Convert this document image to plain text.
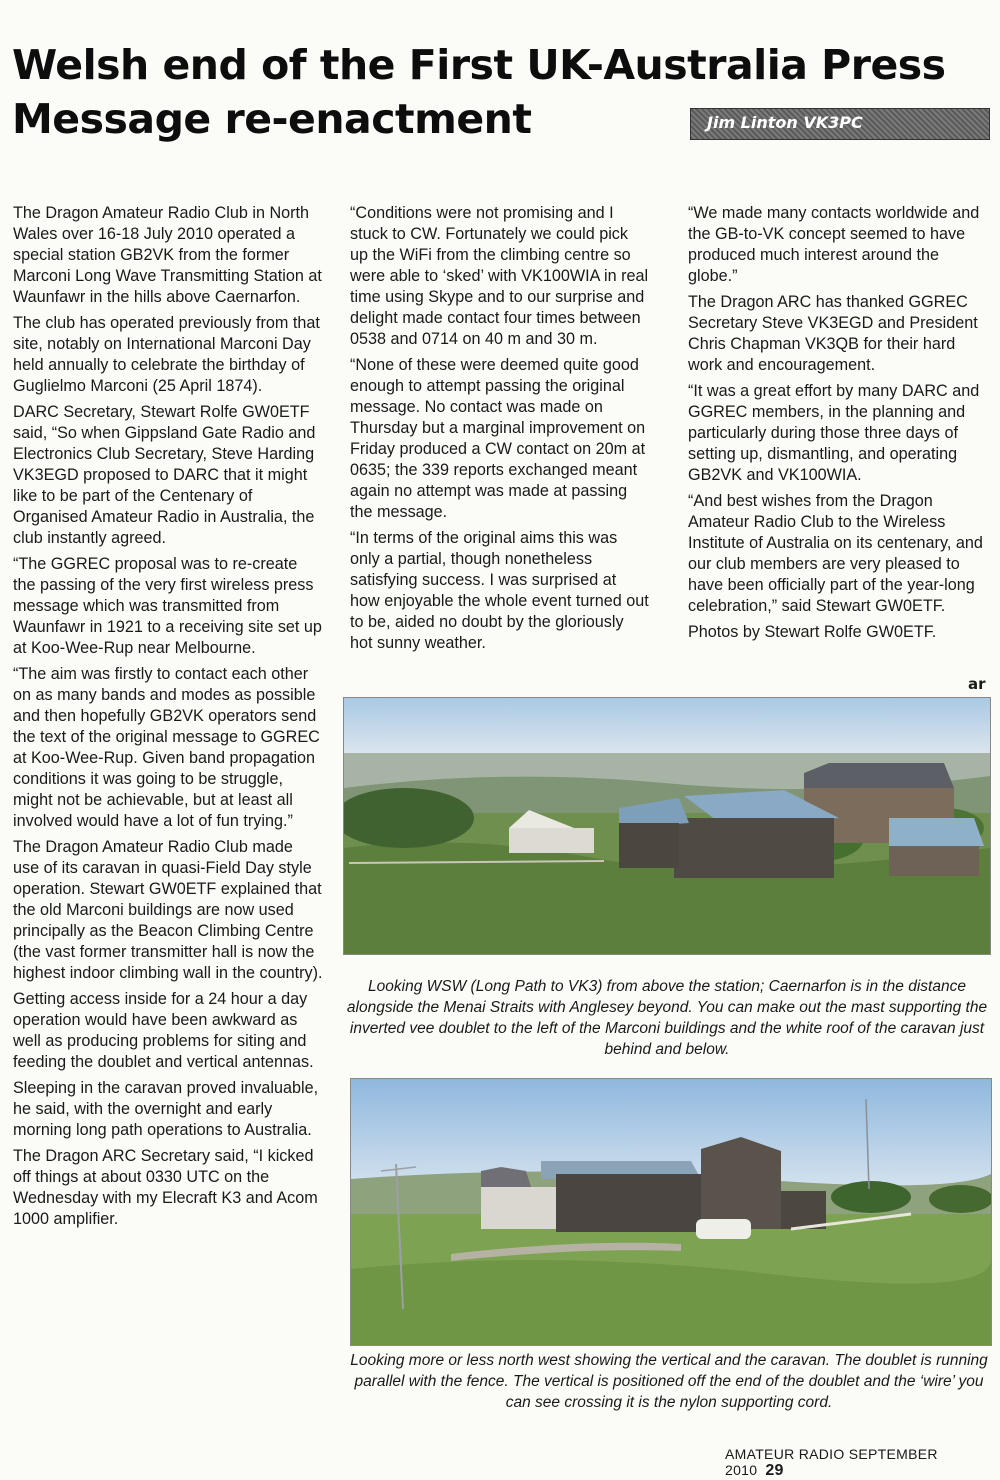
Welsh end of the First UK-Australia Press Message re-enactment	Jim Linton VK3PC

The Dragon Amateur Radio Club in North Wales over 16-18 July 2010 operated a special station GB2VK from the former Marconi Long Wave Transmitting Station at Waunfawr in the hills above Caernarfon.

The club has operated previously from that site, notably on International Marconi Day held annually to celebrate the birthday of Guglielmo Marconi (25 April 1874).

DARC Secretary, Stewart Rolfe GW0ETF said, “So when Gippsland Gate Radio and Electronics Club Secretary, Steve Harding VK3EGD proposed to DARC that it might like to be part of the Centenary of Organised Amateur Radio in Australia, the club instantly agreed.

“The GGREC proposal was to re-create the passing of the very first wireless press message which was transmitted from Waunfawr in 1921 to a receiving site set up at Koo-Wee-Rup near Melbourne.

“The aim was firstly to contact each other on as many bands and modes as possible and then hopefully GB2VK operators send the text of the original message to GGREC at Koo-Wee-Rup. Given band propagation conditions it was going to be struggle, might not be achievable, but at least all involved would have a lot of fun trying.”

The Dragon Amateur Radio Club made use of its caravan in quasi-Field Day style operation. Stewart GW0ETF explained that the old Marconi buildings are now used principally as the Beacon Climbing Centre (the vast former transmitter hall is now the highest indoor climbing wall in the country).

Getting access inside for a 24 hour a day operation would have been awkward as well as producing problems for siting and feeding the doublet and vertical antennas.

Sleeping in the caravan proved invaluable, he said, with the overnight and early morning long path operations to Australia.

The Dragon ARC Secretary said, “I kicked off things at about 0330 UTC on the Wednesday with my Elecraft K3 and Acom 1000 amplifier.

“Conditions were not promising and I stuck to CW. Fortunately we could pick up the WiFi from the climbing centre so were able to ‘sked’ with VK100WIA in real time using Skype and to our surprise and delight made contact four times between 0538 and 0714 on 40 m and 30 m.

“None of these were deemed quite good enough to attempt passing the original message. No contact was made on Thursday but a marginal improvement on Friday produced a CW contact on 20m at 0635; the 339 reports exchanged meant again no attempt was made at passing the message.

“In terms of the original aims this was only a partial, though nonetheless satisfying success. I was surprised at how enjoyable the whole event turned out to be, aided no doubt by the gloriously hot sunny weather.

“We made many contacts worldwide and the GB-to-VK concept seemed to have produced much interest around the globe.”

The Dragon ARC has thanked GGREC Secretary Steve VK3EGD and President Chris Chapman VK3QB for their hard work and encouragement.

“It was a great effort by many DARC and GGREC members, in the planning and particularly during those three days of setting up, dismantling, and operating GB2VK and VK100WIA.

“And best wishes from the Dragon Amateur Radio Club to the Wireless Institute of Australia on its centenary, and our club members are very pleased to have been officially part of the year-long celebration,” said Stewart GW0ETF.

Photos by Stewart Rolfe GW0ETF.

ar
Looking WSW (Long Path to VK3) from above the station; Caernarfon is in the distance alongside the Menai Straits with Anglesey beyond. You can make out the mast supporting the inverted vee doublet to the left of the Marconi buildings and the white roof of the caravan just behind and below.
Looking more or less north west showing the vertical and the caravan. The doublet is running parallel with the fence. The vertical is positioned off the end of the doublet and the ‘wire’ you can see crossing it is the nylon supporting cord.
AMATEUR RADIO SEPTEMBER 2010 29
